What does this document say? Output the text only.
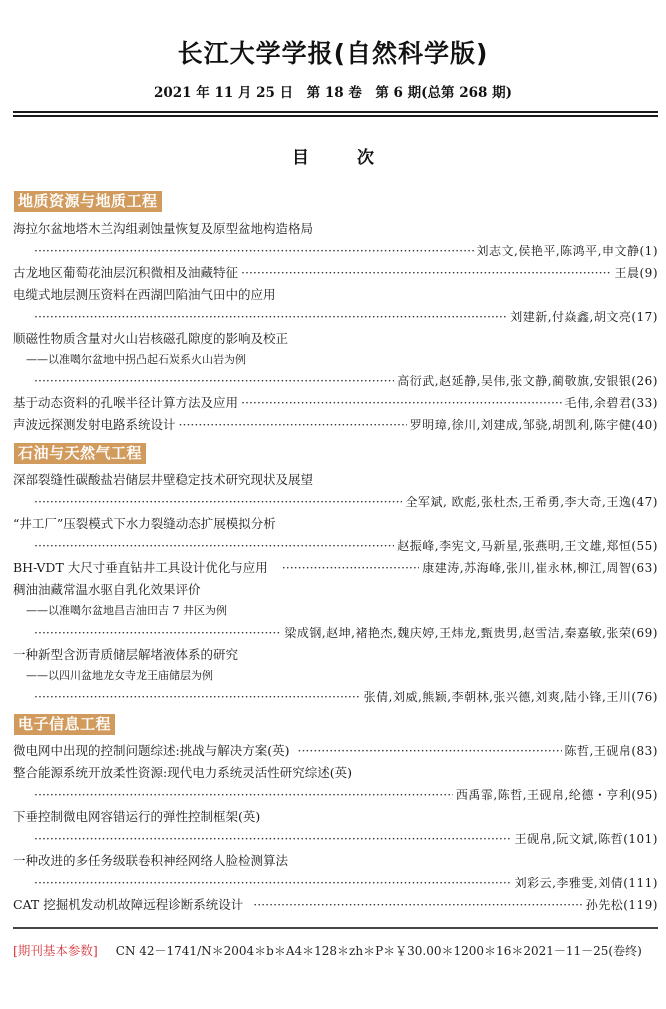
长江大学学报(自然科学版)
2021 年 11 月 25 日　第 18 卷　第 6 期(总第 268 期)
目	次
地质资源与地质工程
海拉尔盆地塔木兰沟组剥蚀量恢复及原型盆地构造格局
·····
刘志文,侯艳平,陈鸿平,申文静 (1)
古龙地区葡萄花油层沉积微相及油藏特征 ·····	王晨 (9)
电缆式地层测压资料在西湖凹陷油气田中的应用
·····
刘建新,付焱鑫,胡文亮 (17)
顺磁性物质含量对火山岩核磁孔隙度的影响及校正
——以准噶尔盆地中拐凸起石炭系火山岩为例
·····
高衍武,赵延静,吴伟,张文静,蔺敬旗,安银银 (26)
基于动态资料的孔喉半径计算方法及应用 ·····	毛伟,余碧君 (33)
声波远探测发射电路系统设计 ·····	罗明璋,徐川,刘建成,邹骁,胡凯利,陈宇健 (40)
石油与天然气工程
深部裂缝性碳酸盐岩储层井壁稳定技术研究现状及展望
·····
全军斌, 欧彪,张杜杰,王希勇,李大奇,王逸 (47)
“井工厂”压裂模式下水力裂缝动态扩展模拟分析
·····
赵振峰,李宪文,马新星,张燕明,王文雄,郑恒 (55)
BH-VDT 大尺寸垂直钻井工具设计优化与应用 ·····	康建涛,苏海峰,张川,崔永林,柳江,周智 (63)
稠油油藏常温水驱自乳化效果评价
——以准噶尔盆地昌吉油田吉 7 井区为例
·····
梁成钢,赵坤,褚艳杰,魏庆婷,王炜龙,甄贵男,赵雪洁,秦嘉敏,张荣 (69)
一种新型含沥青质储层解堵液体系的研究
——以四川盆地龙女寺龙王庙储层为例
·····
张倩,刘威,熊颖,李朝林,张兴德,刘爽,陆小锋,王川 (76)
电子信息工程
微电网中出现的控制问题综述:挑战与解决方案(英) ·····	陈哲,王砚帛 (83)
整合能源系统开放柔性资源:现代电力系统灵活性研究综述(英)
·····
西禹霏,陈哲,王砚帛,纶德・亨利 (95)
下垂控制微电网容错运行的弹性控制框架(英)
·····
王砚帛,阮文斌,陈哲 (101)
一种改进的多任务级联卷积神经网络人脸检测算法
·····
刘彩云,李雅雯,刘倩 (111)
CAT 挖掘机发动机故障远程诊断系统设计 ·····	孙先松 (119)
[期刊基本参数] CN 42－1741/N＊2004＊b＊A4＊128＊zh＊P＊￥30.00＊1200＊16＊2021－11－25(卷终)
